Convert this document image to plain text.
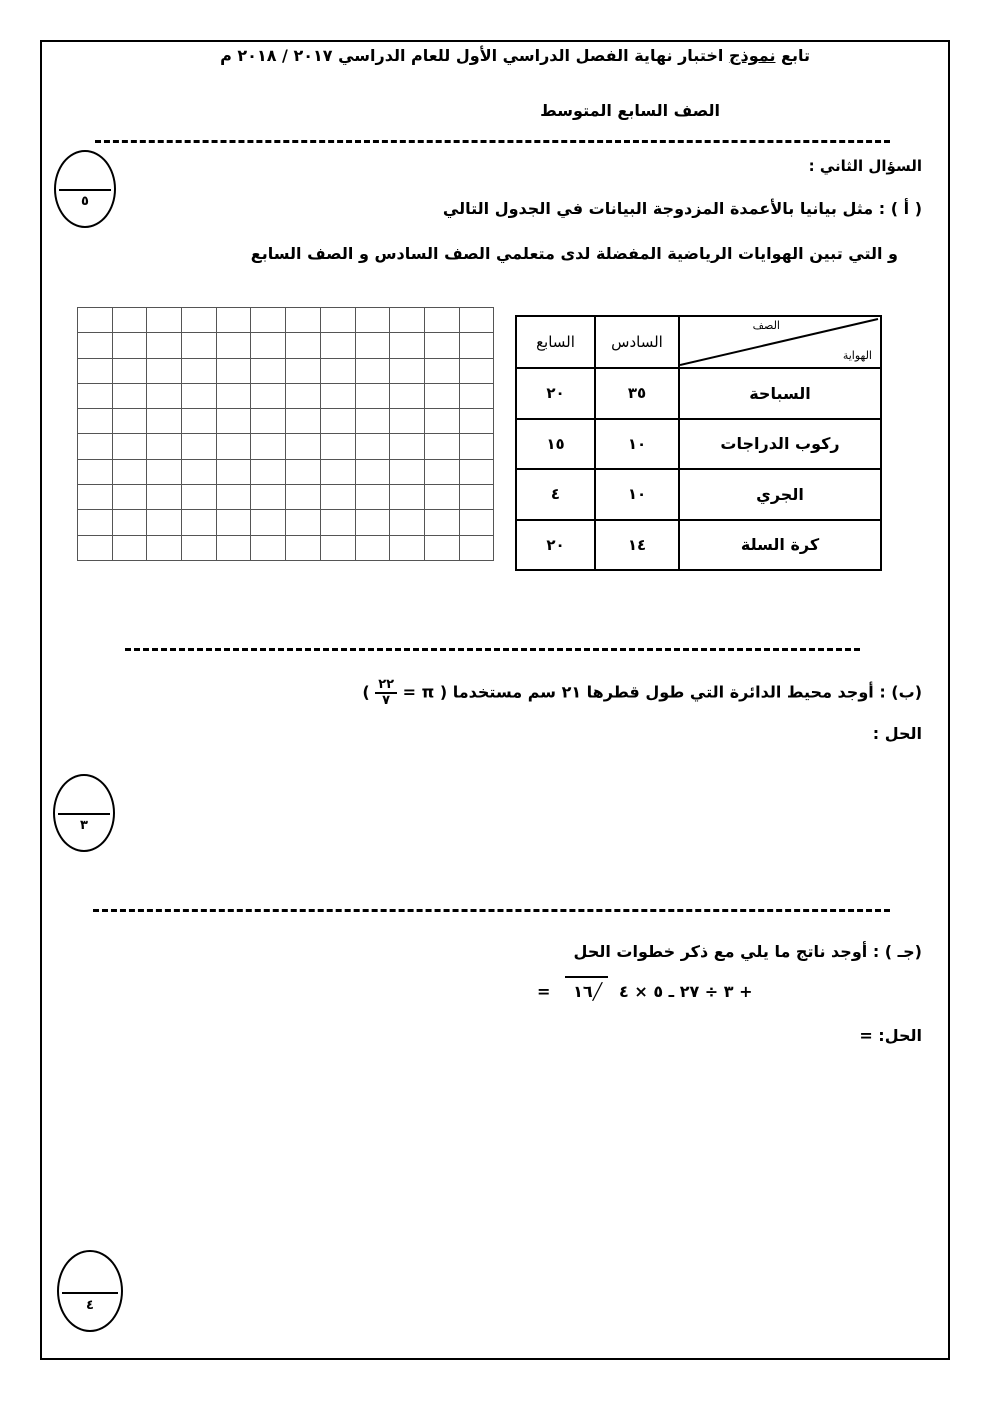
تابع نموذج اختبار نهاية الفصل الدراسي الأول للعام الدراسي ٢٠١٧ / ٢٠١٨ م
الصف السابع المتوسط
السؤال الثاني :
٥	( أ ) : مثل بيانيا بالأعمدة المزدوجة البيانات في الجدول التالي
و التي تبين الهوايات الرياضية المفضلة لدى متعلمي الصف السادس و الصف السابع

الصف
الهواية	السادس	السابع
السباحة	٣٥	٢٠
ركوب الدراجات	١٠	١٥
الجري	١٠	٤
كرة السلة	١٤	٢٠
(ب) : أوجد محيط الدائرة التي طول قطرها ٢١ سم مستخدما ( π =
$\frac{٢٢}{٧}$
)
الحل :
٣
(جـ ) : أوجد ناتج ما يلي مع ذكر خطوات الحل
= ١٦╱ + ٣ ÷ ٢٧ ـ ٥ × ٤
الحل: =
٤
